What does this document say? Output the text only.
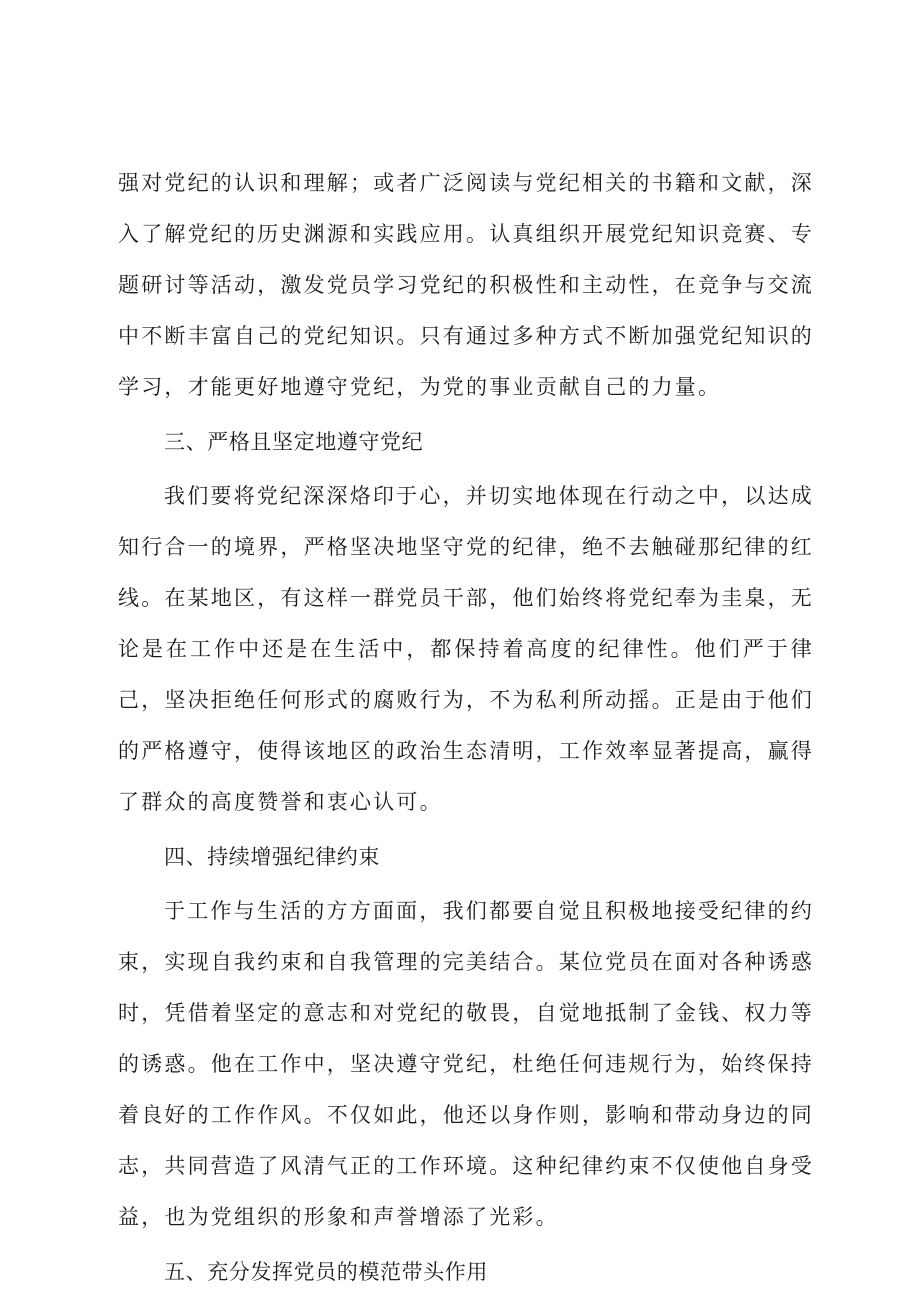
强对党纪的认识和理解；或者广泛阅读与党纪相关的书籍和文献，深入了解党纪的历史渊源和实践应用。认真组织开展党纪知识竞赛、专题研讨等活动，激发党员学习党纪的积极性和主动性，在竞争与交流中不断丰富自己的党纪知识。只有通过多种方式不断加强党纪知识的学习，才能更好地遵守党纪，为党的事业贡献自己的力量。

三、严格且坚定地遵守党纪

我们要将党纪深深烙印于心，并切实地体现在行动之中，以达成知行合一的境界，严格坚决地坚守党的纪律，绝不去触碰那纪律的红线。在某地区，有这样一群党员干部，他们始终将党纪奉为圭臬，无论是在工作中还是在生活中，都保持着高度的纪律性。他们严于律己，坚决拒绝任何形式的腐败行为，不为私利所动摇。正是由于他们的严格遵守，使得该地区的政治生态清明，工作效率显著提高，赢得了群众的高度赞誉和衷心认可。

四、持续增强纪律约束

于工作与生活的方方面面，我们都要自觉且积极地接受纪律的约束，实现自我约束和自我管理的完美结合。某位党员在面对各种诱惑时，凭借着坚定的意志和对党纪的敬畏，自觉地抵制了金钱、权力等的诱惑。他在工作中，坚决遵守党纪，杜绝任何违规行为，始终保持着良好的工作作风。不仅如此，他还以身作则，影响和带动身边的同志，共同营造了风清气正的工作环境。这种纪律约束不仅使他自身受益，也为党组织的形象和声誉增添了光彩。

五、充分发挥党员的模范带头作用
